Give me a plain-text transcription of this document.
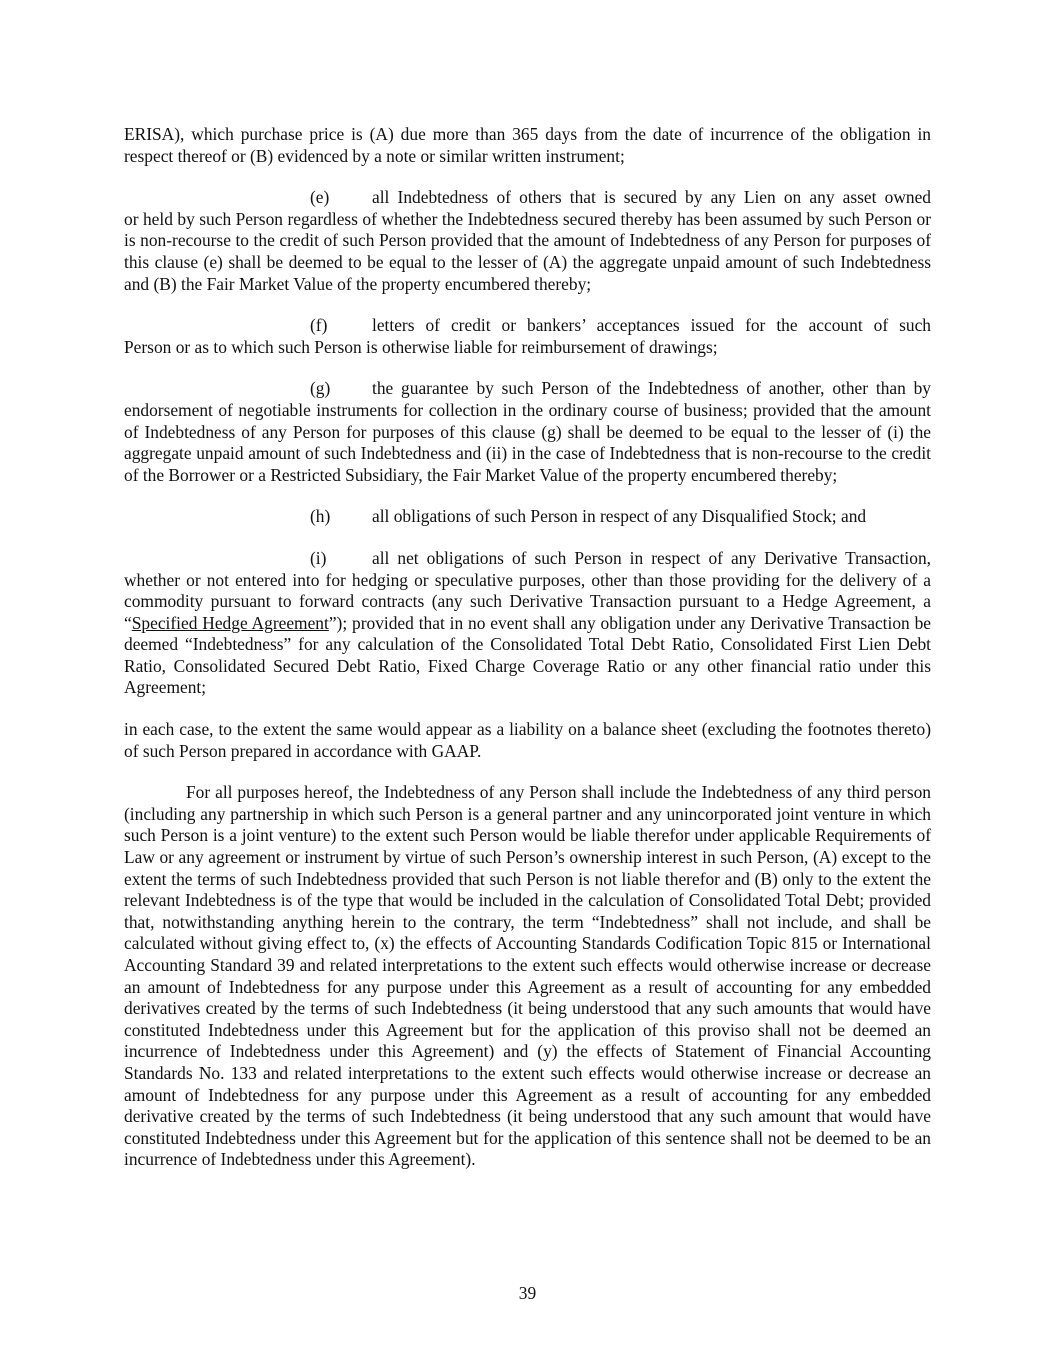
ERISA), which purchase price is (A) due more than 365 days from the date of incurrence of the obligation in respect thereof or (B) evidenced by a note or similar written instrument;

(e)	all Indebtedness of others that is secured by any Lien on any asset owned

or held by such Person regardless of whether the Indebtedness secured thereby has been assumed by such Person or is non-recourse to the credit of such Person provided that the amount of Indebtedness of any Person for purposes of this clause (e) shall be deemed to be equal to the lesser of (A) the aggregate unpaid amount of such Indebtedness and (B) the Fair Market Value of the property encumbered thereby;

(f)	letters of credit or bankers’ acceptances issued for the account of such

Person or as to which such Person is otherwise liable for reimbursement of drawings;

(g)	the guarantee by such Person of the Indebtedness of another, other than by

endorsement of negotiable instruments for collection in the ordinary course of business; provided that the amount of Indebtedness of any Person for purposes of this clause (g) shall be deemed to be equal to the lesser of (i) the aggregate unpaid amount of such Indebtedness and (ii) in the case of Indebtedness that is non-recourse to the credit of the Borrower or a Restricted Subsidiary, the Fair Market Value of the property encumbered thereby;

(h)	all obligations of such Person in respect of any Disqualified Stock; and
(i)	all net obligations of such Person in respect of any Derivative Transaction,

whether or not entered into for hedging or speculative purposes, other than those providing for the delivery of a commodity pursuant to forward contracts (any such Derivative Transaction pursuant to a Hedge Agreement, a “Specified Hedge Agreement”); provided that in no event shall any obligation under any Derivative Transaction be deemed “Indebtedness” for any calculation of the Consolidated Total Debt Ratio, Consolidated First Lien Debt Ratio, Consolidated Secured Debt Ratio, Fixed Charge Coverage Ratio or any other financial ratio under this Agreement;

in each case, to the extent the same would appear as a liability on a balance sheet (excluding the footnotes thereto) of such Person prepared in accordance with GAAP.

For all purposes hereof, the Indebtedness of any Person shall include the Indebtedness of any third person (including any partnership in which such Person is a general partner and any unincorporated joint venture in which such Person is a joint venture) to the extent such Person would be liable therefor under applicable Requirements of Law or any agreement or instrument by virtue of such Person’s ownership interest in such Person, (A) except to the extent the terms of such Indebtedness provided that such Person is not liable therefor and (B) only to the extent the relevant Indebtedness is of the type that would be included in the calculation of Consolidated Total Debt; provided that, notwithstanding anything herein to the contrary, the term “Indebtedness” shall not include, and shall be calculated without giving effect to, (x) the effects of Accounting Standards Codification Topic 815 or International Accounting Standard 39 and related interpretations to the extent such effects would otherwise increase or decrease an amount of Indebtedness for any purpose under this Agreement as a result of accounting for any embedded derivatives created by the terms of such Indebtedness (it being understood that any such amounts that would have constituted Indebtedness under this Agreement but for the application of this proviso shall not be deemed an incurrence of Indebtedness under this Agreement) and (y) the effects of Statement of Financial Accounting Standards No. 133 and related interpretations to the extent such effects would otherwise increase or decrease an amount of Indebtedness for any purpose under this Agreement as a result of accounting for any embedded derivative created by the terms of such Indebtedness (it being understood that any such amount that would have constituted Indebtedness under this Agreement but for the application of this sentence shall not be deemed to be an incurrence of Indebtedness under this Agreement).

39
